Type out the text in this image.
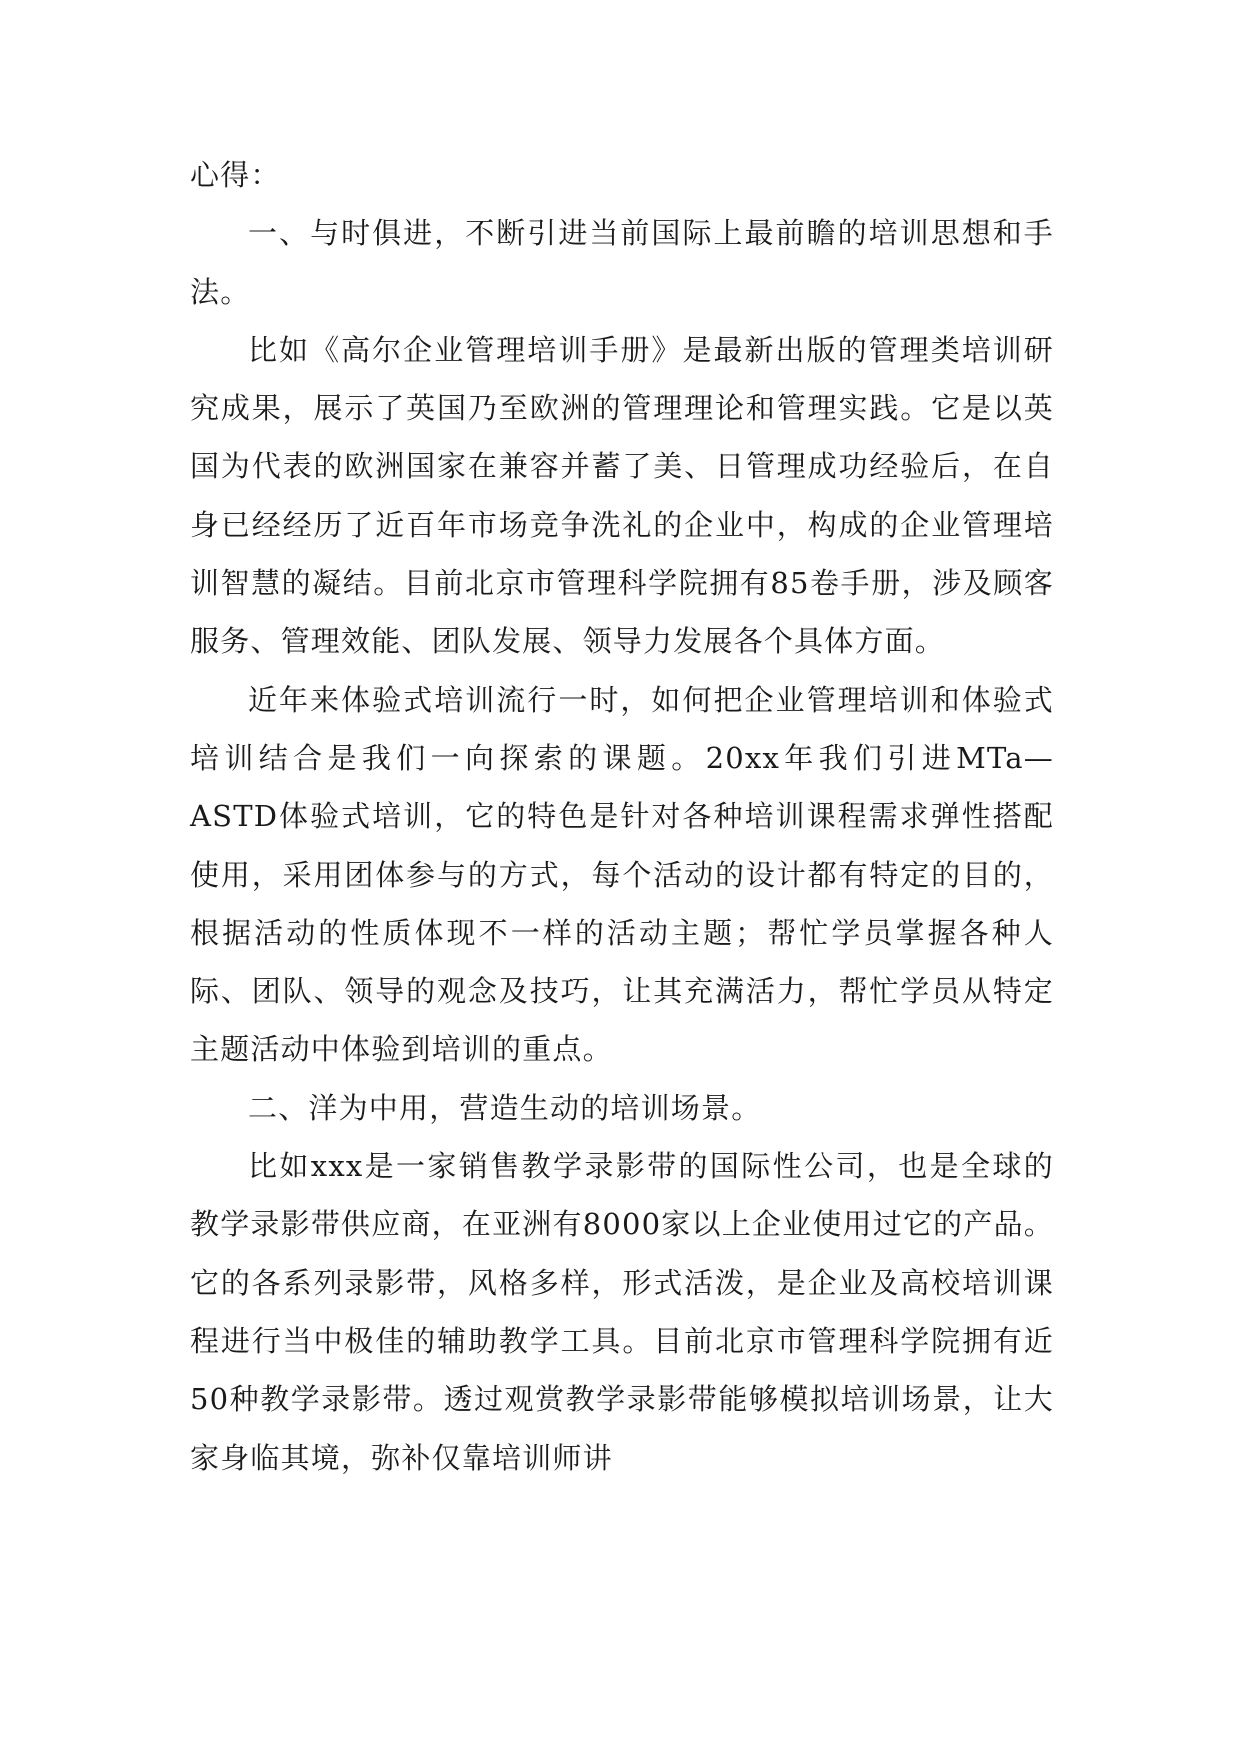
心得：

一、与时俱进，不断引进当前国际上最前瞻的培训思想和手法。

比如《高尔企业管理培训手册》是最新出版的管理类培训研究成果，展示了英国乃至欧洲的管理理论和管理实践。它是以英国为代表的欧洲国家在兼容并蓄了美、日管理成功经验后，在自身已经经历了近百年市场竞争洗礼的企业中，构成的企业管理培训智慧的凝结。目前北京市管理科学院拥有85卷手册，涉及顾客服务、管理效能、团队发展、领导力发展各个具体方面。

近年来体验式培训流行一时，如何把企业管理培训和体验式培训结合是我们一向探索的课题。20xx年我们引进MTa—ASTD体验式培训，它的特色是针对各种培训课程需求弹性搭配使用，采用团体参与的方式，每个活动的设计都有特定的目的，根据活动的性质体现不一样的活动主题；帮忙学员掌握各种人际、团队、领导的观念及技巧，让其充满活力，帮忙学员从特定主题活动中体验到培训的重点。

二、洋为中用，营造生动的培训场景。

比如xxx是一家销售教学录影带的国际性公司，也是全球的教学录影带供应商，在亚洲有8000家以上企业使用过它的产品。它的各系列录影带，风格多样，形式活泼，是企业及高校培训课程进行当中极佳的辅助教学工具。目前北京市管理科学院拥有近50种教学录影带。透过观赏教学录影带能够模拟培训场景，让大家身临其境，弥补仅靠培训师讲
